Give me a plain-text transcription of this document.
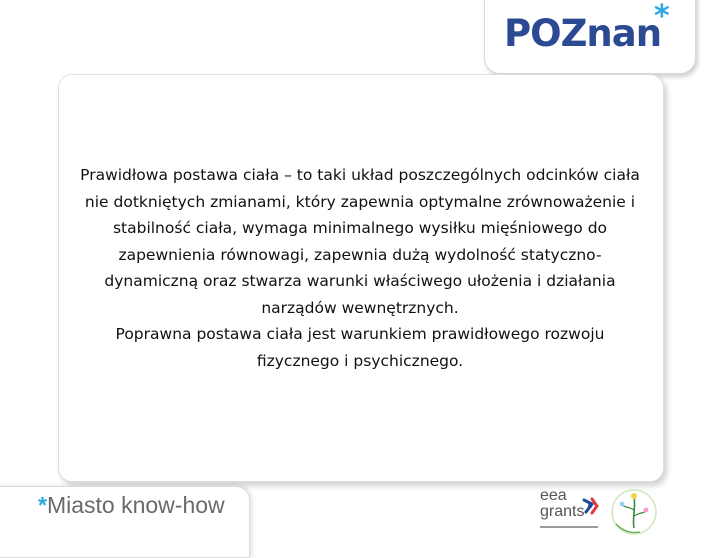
POZnan
*

Prawidłowa postawa ciała – to taki układ poszczególnych odcinków ciała nie dotkniętych zmianami, który zapewnia optymalne zrównoważenie i stabilność ciała, wymaga minimalnego wysiłku mięśniowego do zapewnienia równowagi, zapewnia dużą wydolność statyczno-dynamiczną oraz stwarza warunki właściwego ułożenia i działania narządów wewnętrznych.

Poprawna postawa ciała jest warunkiem prawidłowego rozwoju fizycznego i psychicznego.

*Miasto know-how	eea
grants
